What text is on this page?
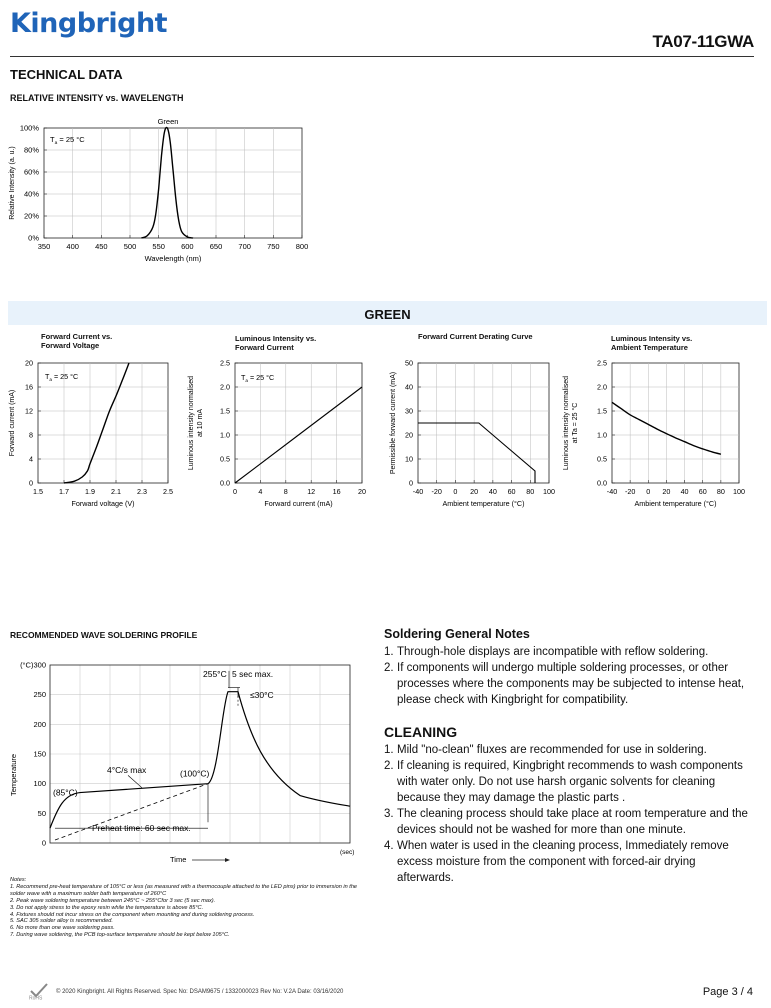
Kingbright
TA07-11GWA
TECHNICAL DATA
RELATIVE INTENSITY vs. WAVELENGTH
350 400 450 500 550 600 650 700 750 800
0%
20%
40%
60%
80%
100%
Wavelength (nm)
Relative Intensity (a. u.)
$T_a = 25$ °C
Green
GREEN
Forward Current vs.
Forward Voltage
Luminous Intensity vs.
Forward Current
Forward Current Derating Curve	Luminous Intensity vs.
Ambient Temperature
1.5 1.7 1.9 2.1 2.3 2.5
0
4
8
12
16
20
Forward voltage (V)
Forward current (mA)
$T_a = 25$ °C
0	4	8	12 16 20
0.0
0.5
1.0
1.5
2.0
2.5
Forward current (mA)
Luminous intensity normalised at 10 mA
$T_a = 25$ °C
-40 -20 0 20 40 60 80 100
0
10
20
30
40
50
Ambient temperature (°C)
Permissible forward current (mA)
-40 -20 0 20 40 60 80 100
0.0
0.5
1.0
1.5
2.0
2.5
Ambient temperature (°C)
Luminous intensity normalised at Ta = 25 °C
RECOMMENDED WAVE SOLDERING PROFILE
0
50
100
150
200
250
(°C)300
Temperature
(sec)
Time
Preheat time: 60 sec max.
(85°C)
(100°C)
4°C/s max
255°C 5 sec max.
≤30°C
Soldering General Notes
1. Through-hole displays are incompatible with reflow soldering.
2. If components will undergo multiple soldering processes, or other processes where the components may be subjected to intense heat, please check with Kingbright for compatibility.
CLEANING
1. Mild "no-clean" fluxes are recommended for use in soldering.
2. If cleaning is required, Kingbright recommends to wash components with water only. Do not use harsh organic solvents for cleaning because they may damage the plastic parts .
3. The cleaning process should take place at room temperature and the devices should not be washed for more than one minute.
4. When water is used in the cleaning process, Immediately remove excess moisture from the component with forced-air drying afterwards.
Notes:
1. Recommend pre-heat temperature of 105°C or less (as measured with a thermocouple attached to the LED pins) prior to immersion in the solder wave with a maximum solder bath temperature of 260°C
2. Peak wave soldering temperature between 245°C ~ 255°Cfor 3 sec (5 sec max).
3. Do not apply stress to the epoxy resin while the temperature is above 85°C.
4. Fixtures should not incur stress on the component when mounting and during soldering process.
5. SAC 305 solder alloy is recommended.
6. No more than one wave soldering pass.
7. During wave soldering, the PCB top-surface temperature should be kept below 105°C.
RoHS
© 2020 Kingbright. All Rights Reserved. Spec No: DSAM9675 / 1332000023 Rev No: V.2A Date: 03/16/2020	Page 3 / 4
